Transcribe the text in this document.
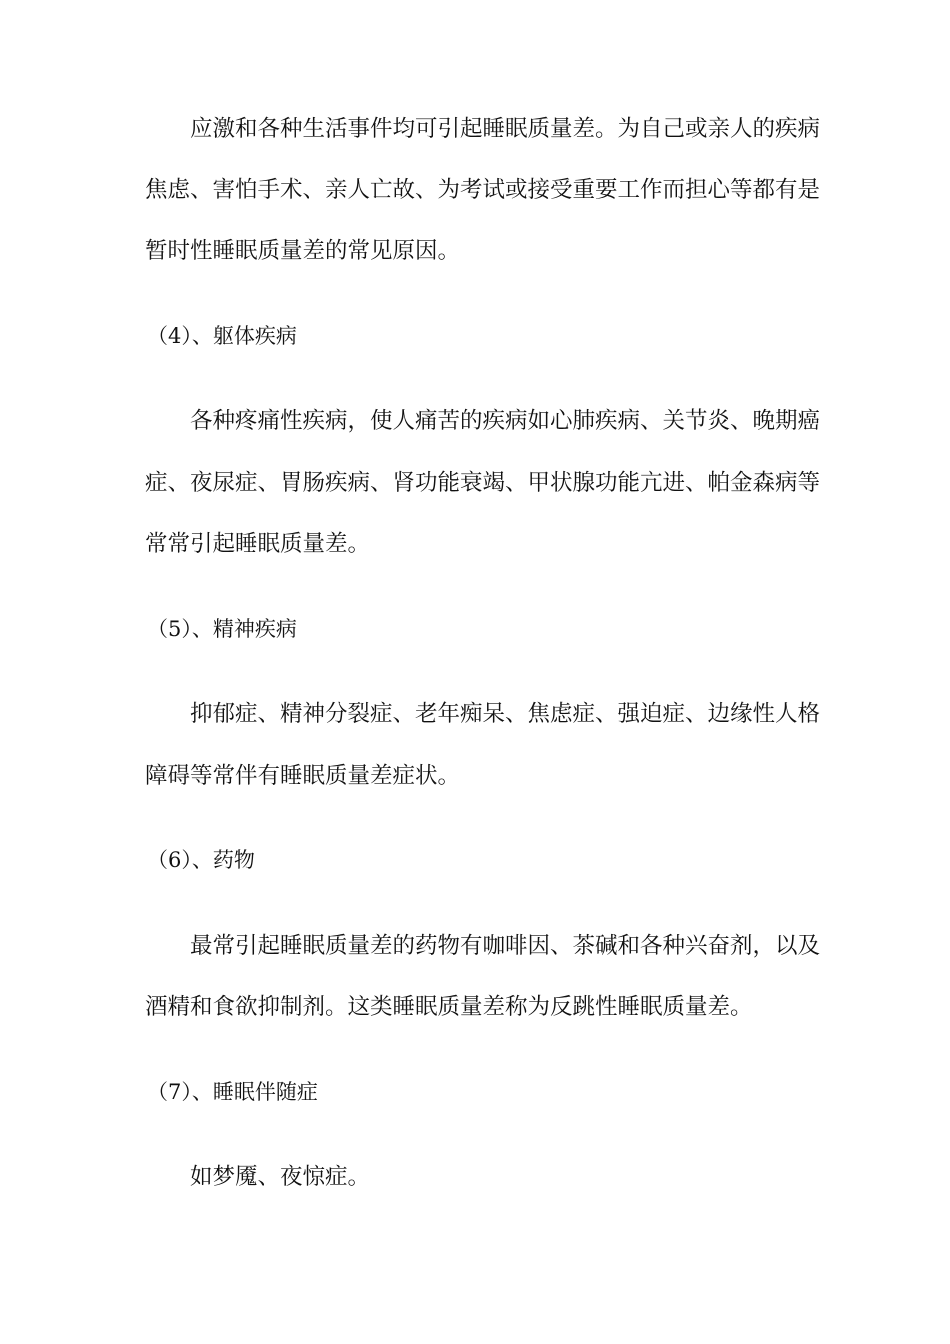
应激和各种生活事件均可引起睡眠质量差。为自己或亲人的疾病
焦虑、害怕手术、亲人亡故、为考试或接受重要工作而担心等都有是
暂时性睡眠质量差的常见原因。
（4）、躯体疾病
各种疼痛性疾病，使人痛苦的疾病如心肺疾病、关节炎、晚期癌
症、夜尿症、胃肠疾病、肾功能衰竭、甲状腺功能亢进、帕金森病等
常常引起睡眠质量差。
（5）、精神疾病
抑郁症、精神分裂症、老年痴呆、焦虑症、强迫症、边缘性人格
障碍等常伴有睡眠质量差症状。
（6）、药物
最常引起睡眠质量差的药物有咖啡因、茶碱和各种兴奋剂，以及
酒精和食欲抑制剂。这类睡眠质量差称为反跳性睡眠质量差。
（7）、睡眠伴随症
如梦魇、夜惊症。
